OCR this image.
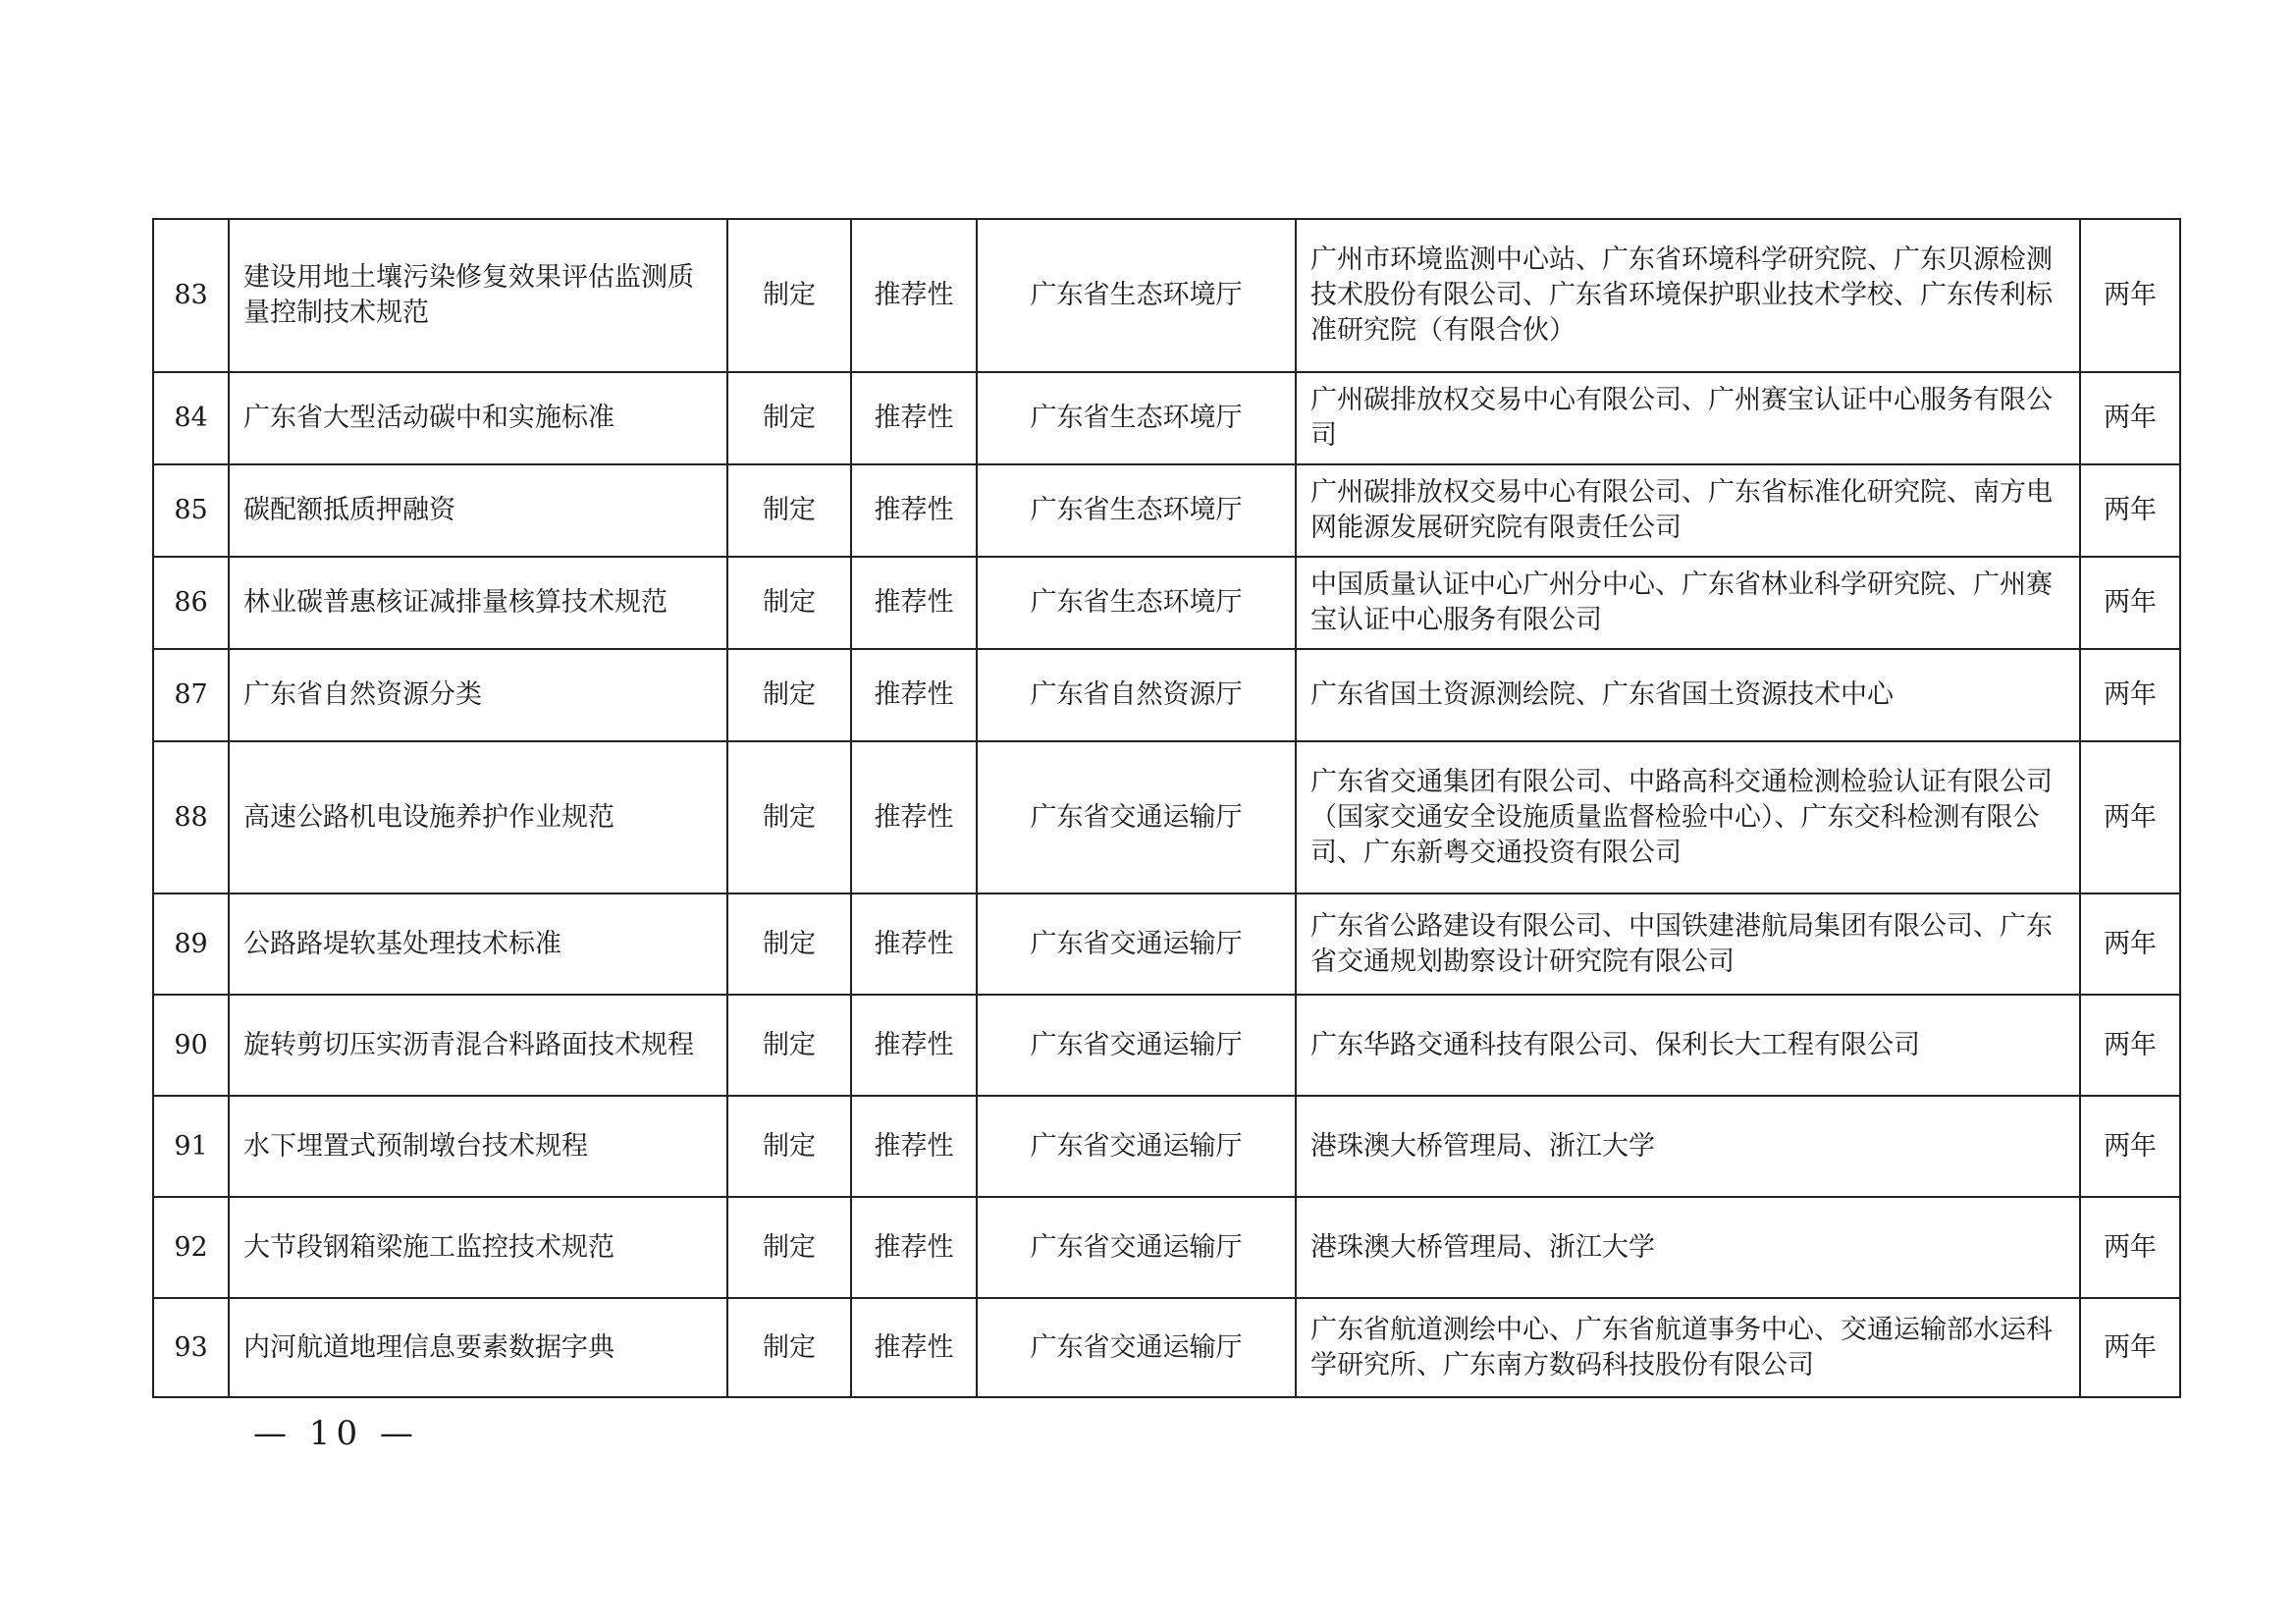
83	建设用地土壤污染修复效果评估监测质量控制技术规范	制定	推荐性	广东省生态环境厅	广州市环境监测中心站、广东省环境科学研究院、广东贝源检测技术股份有限公司、广东省环境保护职业技术学校、广东传利标准研究院（有限合伙）	两年
84	广东省大型活动碳中和实施标准	制定	推荐性	广东省生态环境厅	广州碳排放权交易中心有限公司、广州赛宝认证中心服务有限公司	两年
85	碳配额抵质押融资	制定	推荐性	广东省生态环境厅	广州碳排放权交易中心有限公司、广东省标准化研究院、南方电网能源发展研究院有限责任公司	两年
86	林业碳普惠核证减排量核算技术规范	制定	推荐性	广东省生态环境厅	中国质量认证中心广州分中心、广东省林业科学研究院、广州赛宝认证中心服务有限公司	两年
87	广东省自然资源分类	制定	推荐性	广东省自然资源厅	广东省国土资源测绘院、广东省国土资源技术中心	两年
88	高速公路机电设施养护作业规范	制定	推荐性	广东省交通运输厅	广东省交通集团有限公司、中路高科交通检测检验认证有限公司（国家交通安全设施质量监督检验中心）、广东交科检测有限公司、广东新粤交通投资有限公司	两年
89	公路路堤软基处理技术标准	制定	推荐性	广东省交通运输厅	广东省公路建设有限公司、中国铁建港航局集团有限公司、广东省交通规划勘察设计研究院有限公司	两年
90	旋转剪切压实沥青混合料路面技术规程	制定	推荐性	广东省交通运输厅	广东华路交通科技有限公司、保利长大工程有限公司	两年
91	水下埋置式预制墩台技术规程	制定	推荐性	广东省交通运输厅	港珠澳大桥管理局、浙江大学	两年
92	大节段钢箱梁施工监控技术规范	制定	推荐性	广东省交通运输厅	港珠澳大桥管理局、浙江大学	两年
93	内河航道地理信息要素数据字典	制定	推荐性	广东省交通运输厅	广东省航道测绘中心、广东省航道事务中心、交通运输部水运科学研究所、广东南方数码科技股份有限公司	两年
— 10 —
